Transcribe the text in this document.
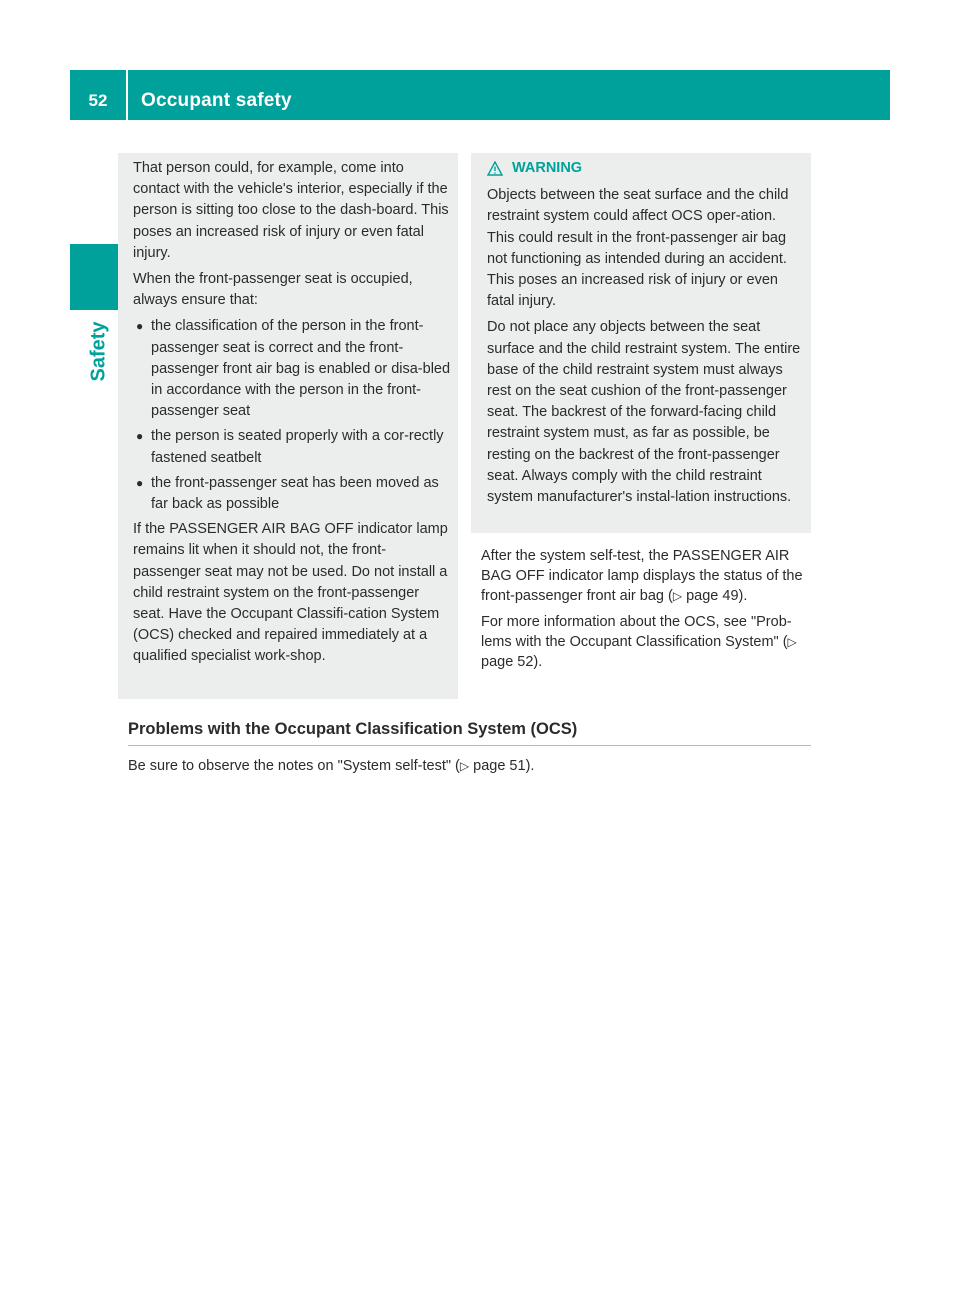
52	Occupant safety
Safety

That person could, for example, come into contact with the vehicle's interior, especially if the person is sitting too close to the dash-board. This poses an increased risk of injury or even fatal injury.

When the front-passenger seat is occupied, always ensure that:

● the classification of the person in the front-passenger seat is correct and the front-passenger front air bag is enabled or disa-bled in accordance with the person in the front-passenger seat
● the person is seated properly with a cor-rectly fastened seatbelt
● the front-passenger seat has been moved as far back as possible

If the PASSENGER AIR BAG OFF indicator lamp remains lit when it should not, the front-passenger seat may not be used. Do not install a child restraint system on the front-passenger seat. Have the Occupant Classifi-cation System (OCS) checked and repaired immediately at a qualified specialist work-shop.

WARNING

Objects between the seat surface and the child restraint system could affect OCS oper-ation. This could result in the front-passenger air bag not functioning as intended during an accident. This poses an increased risk of injury or even fatal injury.

Do not place any objects between the seat surface and the child restraint system. The entire base of the child restraint system must always rest on the seat cushion of the front-passenger seat. The backrest of the forward-facing child restraint system must, as far as possible, be resting on the backrest of the front-passenger seat. Always comply with the child restraint system manufacturer's instal-lation instructions.

After the system self-test, the PASSENGER AIR BAG OFF indicator lamp displays the status of the front-passenger front air bag (▷ page 49).

For more information about the OCS, see "Prob-lems with the Occupant Classification System" (▷ page 52).

Problems with the Occupant Classification System (OCS)
Be sure to observe the notes on "System self-test" (▷ page 51).
